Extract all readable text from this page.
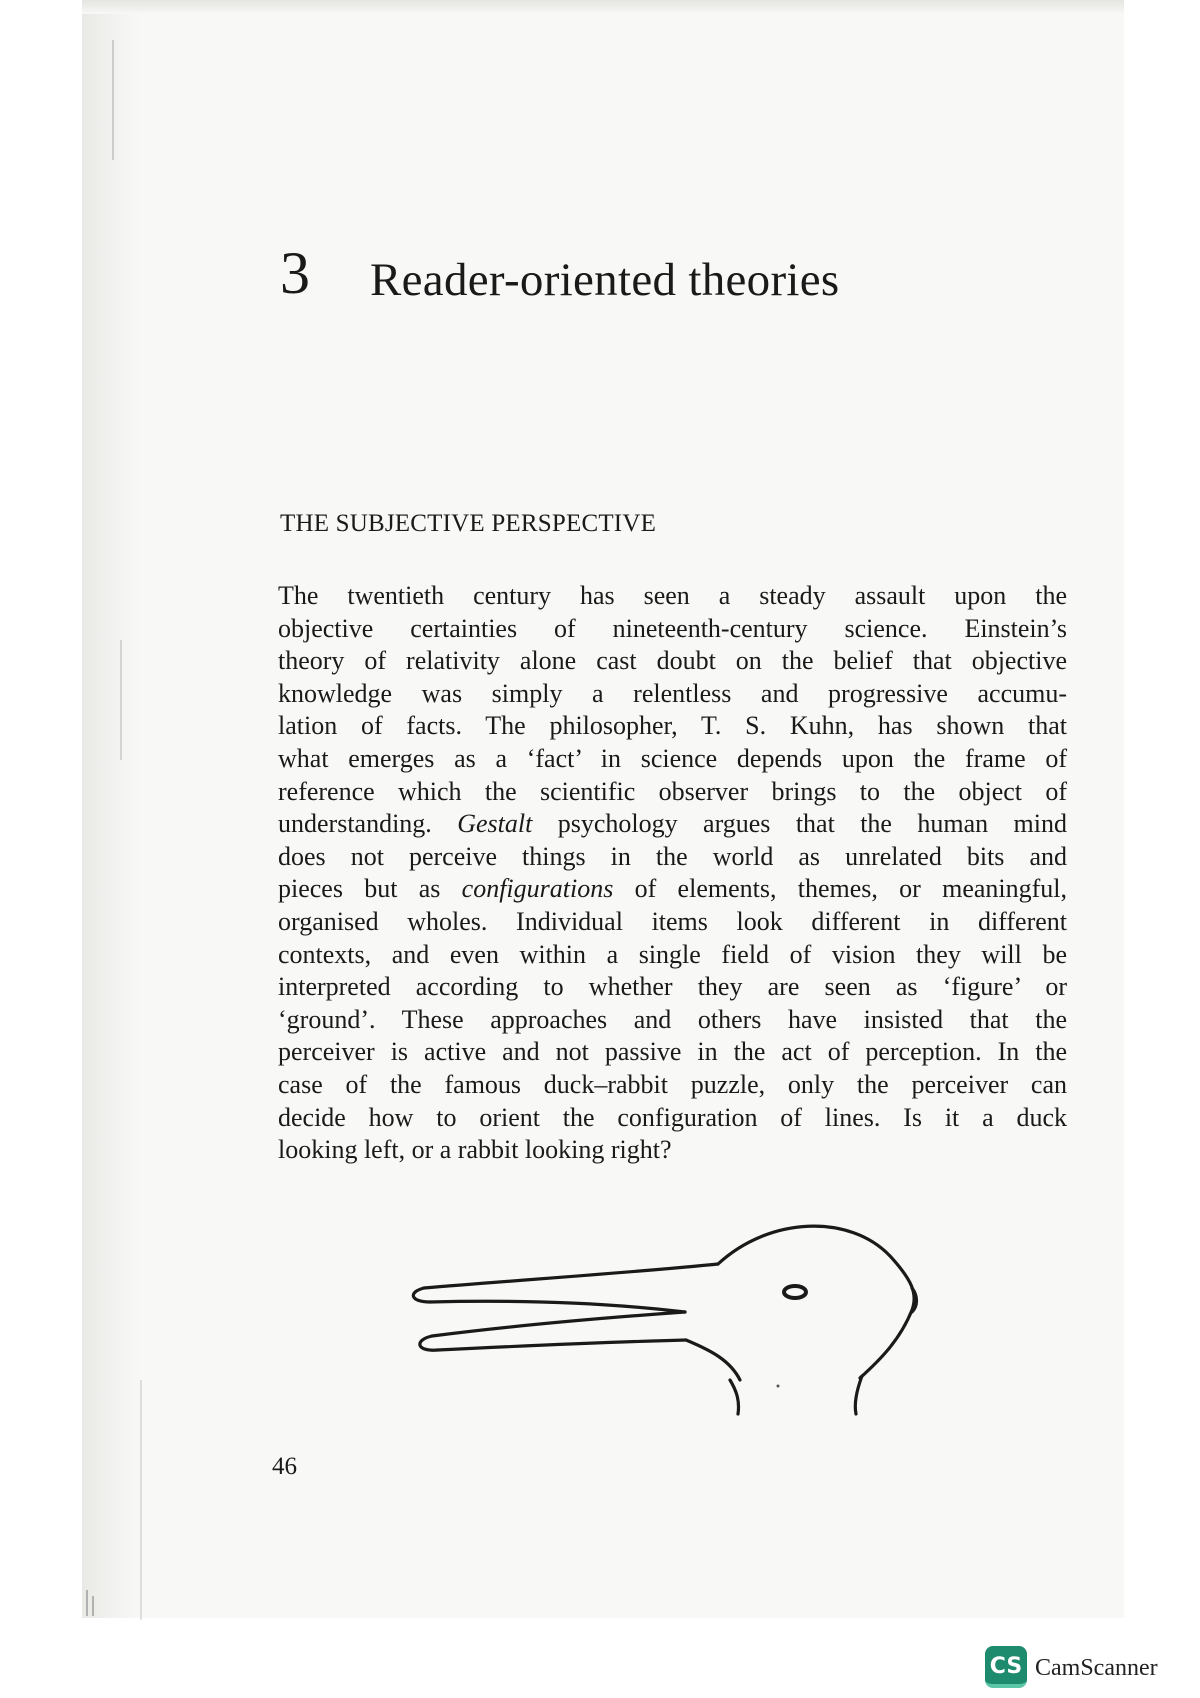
3 Reader-oriented theories
THE SUBJECTIVE PERSPECTIVE
The twentieth century has seen a steady assault upon the
objective certainties of nineteenth-century science. Einstein’s
theory of relativity alone cast doubt on the belief that objective
knowledge was simply a relentless and progressive accumu-
lation of facts. The philosopher, T. S. Kuhn, has shown that
what emerges as a ‘fact’ in science depends upon the frame of
reference which the scientific observer brings to the object of
understanding. Gestalt psychology argues that the human mind
does not perceive things in the world as unrelated bits and
pieces but as configurations of elements, themes, or meaningful,
organised wholes. Individual items look different in different
contexts, and even within a single field of vision they will be
interpreted according to whether they are seen as ‘figure’ or
‘ground’. These approaches and others have insisted that the
perceiver is active and not passive in the act of perception. In the
case of the famous duck–rabbit puzzle, only the perceiver can
decide how to orient the configuration of lines. Is it a duck
looking left, or a rabbit looking right?
46
CS CamScanner
